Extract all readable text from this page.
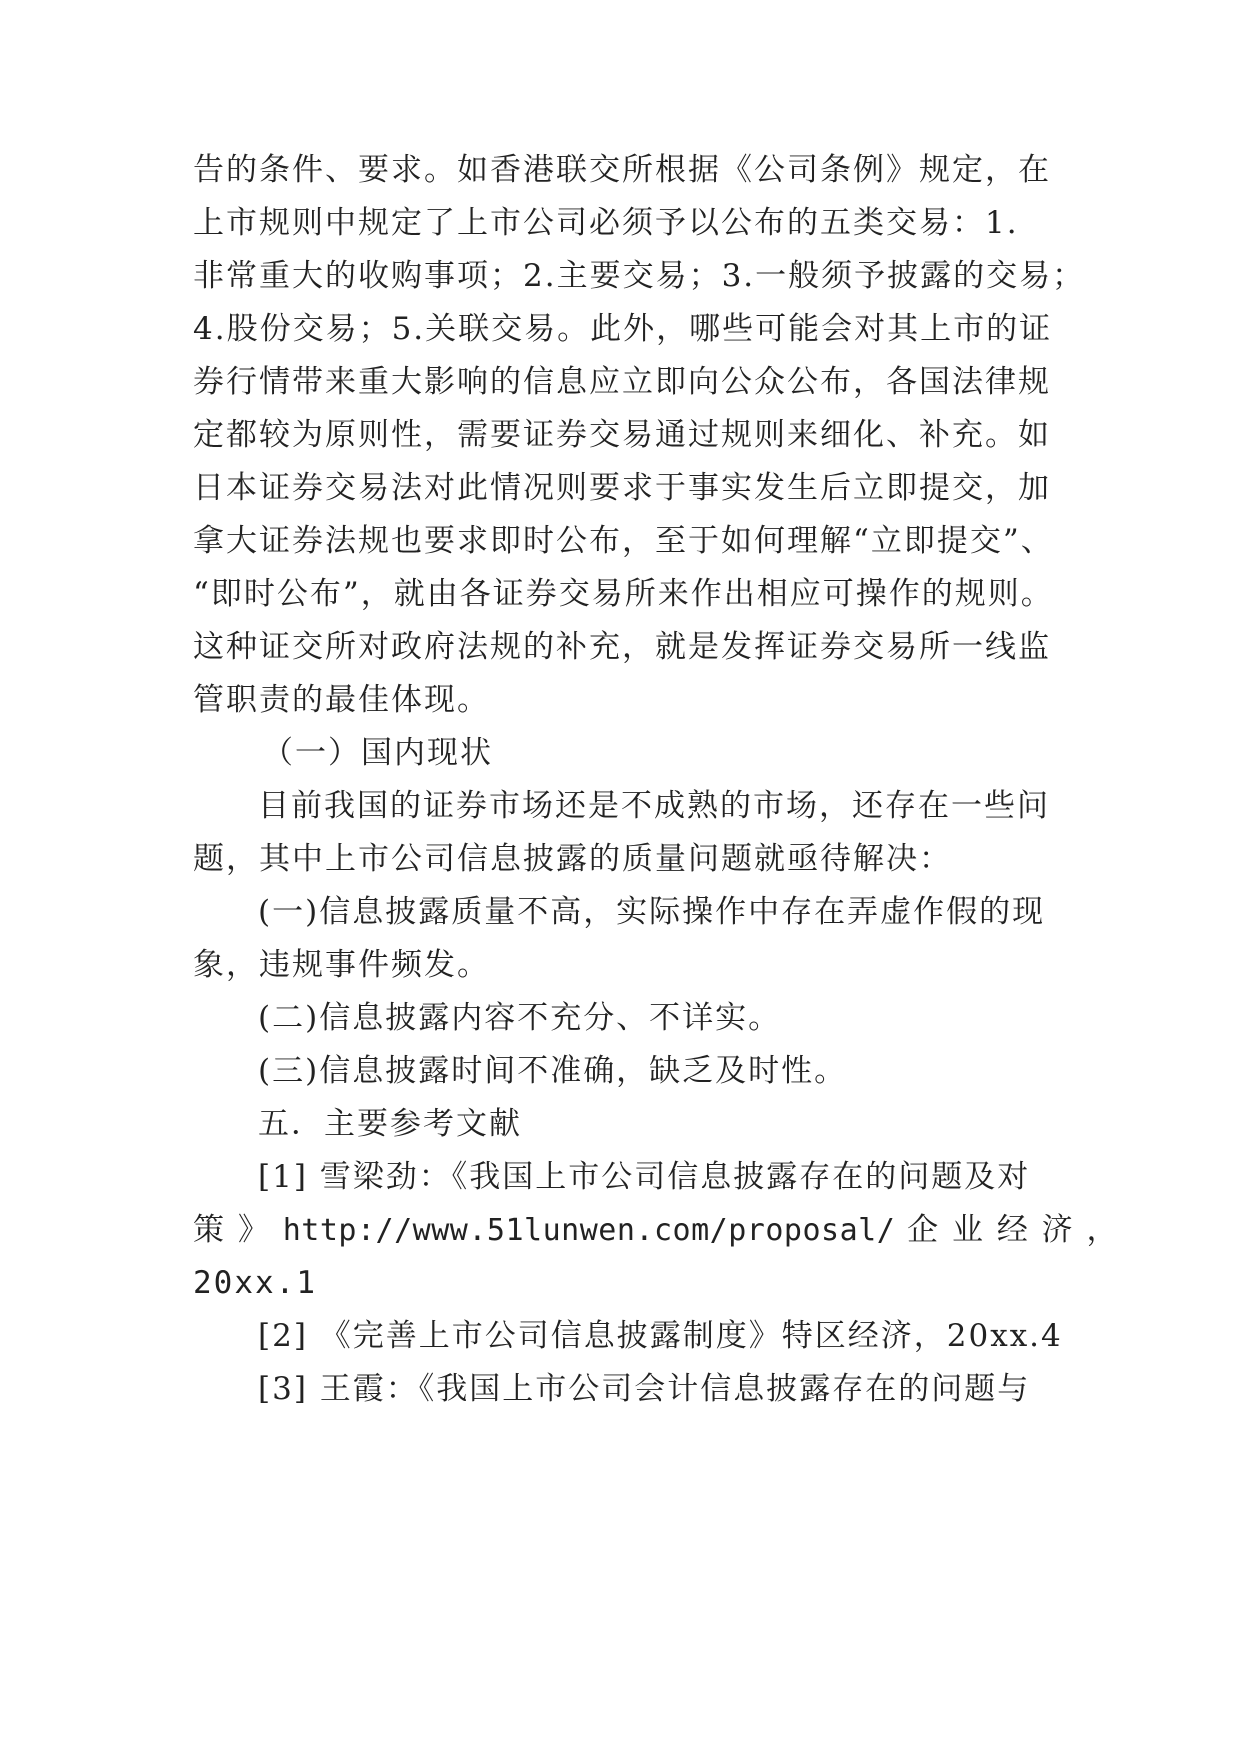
告的条件、要求。如香港联交所根据《公司条例》规定，在
上市规则中规定了上市公司必须予以公布的五类交易：1.
非常重大的收购事项；2.主要交易；3.一般须予披露的交易；
4.股份交易；5.关联交易。此外，哪些可能会对其上市的证
券行情带来重大影响的信息应立即向公众公布，各国法律规
定都较为原则性，需要证券交易通过规则来细化、补充。如
日本证券交易法对此情况则要求于事实发生后立即提交，加
拿大证券法规也要求即时公布，至于如何理解“立即提交”、
“即时公布”，就由各证券交易所来作出相应可操作的规则。
这种证交所对政府法规的补充，就是发挥证券交易所一线监
管职责的最佳体现。
（一）国内现状
目前我国的证券市场还是不成熟的市场，还存在一些问
题，其中上市公司信息披露的质量问题就亟待解决：
(一)信息披露质量不高，实际操作中存在弄虚作假的现
象，违规事件频发。
(二)信息披露内容不充分、不详实。
(三)信息披露时间不准确，缺乏及时性。
五．主要参考文献
[1] 雪梁劲：《我国上市公司信息披露存在的问题及对
策 》 http://www.51lunwen.com/proposal/ 企 业 经 济 ，
20xx.1
[2] 《完善上市公司信息披露制度》特区经济，20xx.4
[3] 王霞：《我国上市公司会计信息披露存在的问题与
